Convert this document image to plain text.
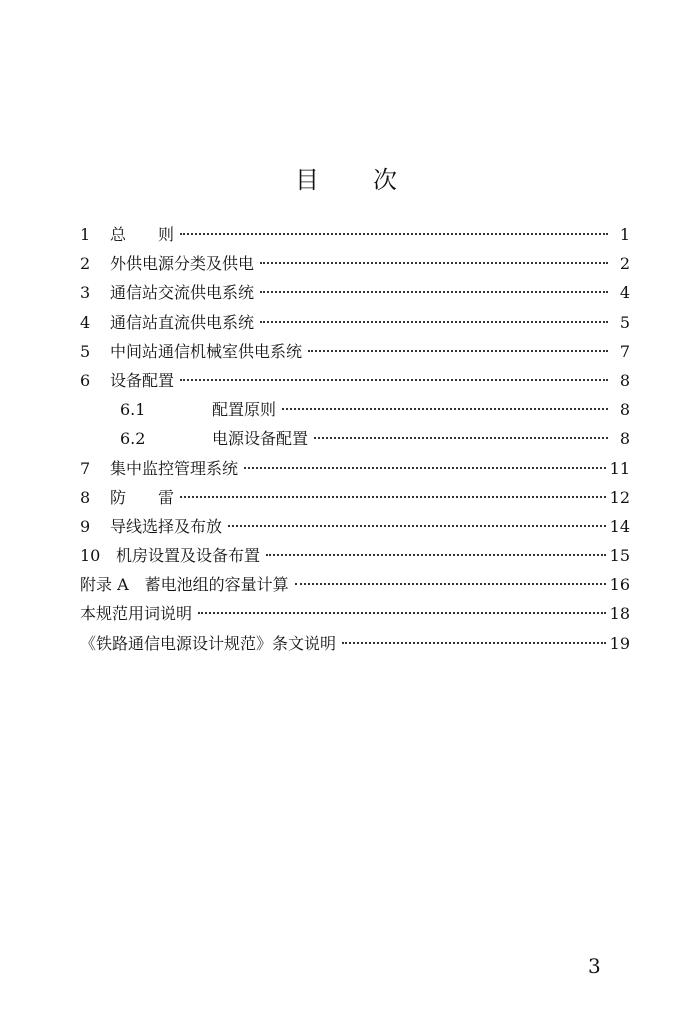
目　　次
1	总　　则	1
2	外供电源分类及供电	2
3	通信站交流供电系统	4
4	通信站直流供电系统	5
5	中间站通信机械室供电系统	7
6	设备配置	8
6.1	配置原则	8
6.2	电源设备配置	8
7	集中监控管理系统	11
8	防　　雷	12
9	导线选择及布放	14
10 机房设置及设备布置	15
附录 A　蓄电池组的容量计算	16
本规范用词说明	18
《铁路通信电源设计规范》条文说明	19
3
